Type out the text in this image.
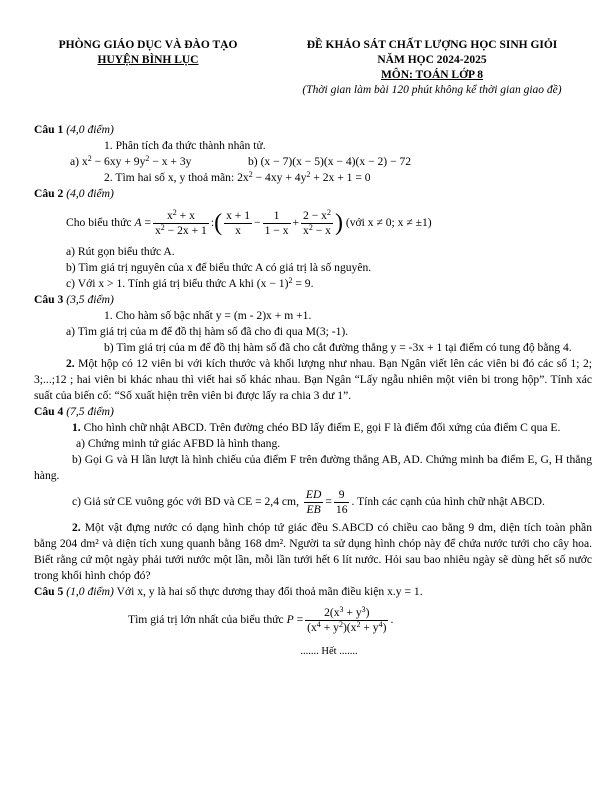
PHÒNG GIÁO DỤC VÀ ĐÀO TẠO
HUYỆN BÌNH LỤC
ĐỀ KHẢO SÁT CHẤT LƯỢNG HỌC SINH GIỎI
NĂM HỌC 2024-2025
MÔN: TOÁN LỚP 8
(Thời gian làm bài 120 phút không kể thời gian giao đề)
Câu 1 (4,0 điểm)
1. Phân tích đa thức thành nhân tử.
a) $x^2 - 6xy + 9y^2 - x + 3y$	b) (x − 7)(x − 5)(x − 4)(x − 2) − 72
2. Tìm hai số x, y thoả mãn: $2x^2 - 4xy + 4y^2 + 2x + 1 = 0$
Câu 2 (4,0 điểm)
Cho biểu thức
$A = \frac{x^2 + x}{x^2 - 2x + 1}$ : ( $\frac{x + 1}{x} - \frac{1}{1 - x} + \frac{2 - x^2}{x^2 - x}$ )
(với x ≠ 0; x ≠ ±1)
a) Rút gọn biểu thức A.
b) Tìm giá trị nguyên của x để biểu thức A có giá trị là số nguyên.
c) Với x > 1. Tính giá trị biểu thức A khi $(x - 1)^2 = 9$.
Câu 3 (3,5 điểm)
1. Cho hàm số bậc nhất y = (m - 2)x + m +1.
a) Tìm giá trị của m để đồ thị hàm số đã cho đi qua M(3; -1).
b) Tìm giá trị của m để đồ thị hàm số đã cho cắt đường thẳng y = -3x + 1 tại điểm có tung độ bằng 4.
2. Một hộp có 12 viên bi với kích thước và khối lượng như nhau. Bạn Ngân viết lên các viên bi đó các số 1; 2; 3;...;12 ; hai viên bi khác nhau thì viết hai số khác nhau. Bạn Ngân “Lấy ngẫu nhiên một viên bi trong hộp”. Tính xác suất của biến cố: “Số xuất hiện trên viên bi được lấy ra chia 3 dư 1”.
Câu 4 (7,5 điểm)
1. Cho hình chữ nhật ABCD. Trên đường chéo BD lấy điểm E, gọi F là điểm đối xứng của điểm C qua E.
a) Chứng minh tứ giác AFBD là hình thang.
b) Gọi G và H lần lượt là hình chiếu của điểm F trên đường thẳng AB, AD. Chứng minh ba điểm E, G, H thẳng hàng.
c) Giả sử CE vuông góc với BD và CE = 2,4 cm,
$\frac{ED}{EB} = \frac{9}{16}$ . Tính các cạnh của hình chữ nhật ABCD.
2. Một vật đựng nước có dạng hình chóp tứ giác đều S.ABCD có chiều cao bằng 9 dm, diện tích toàn phần bằng 204 dm² và diện tích xung quanh bằng 168 dm². Người ta sử dụng hình chóp này để chứa nước tưới cho cây hoa. Biết rằng cứ một ngày phải tưới nước một lần, mỗi lần tưới hết 6 lít nước. Hỏi sau bao nhiêu ngày sẽ dùng hết số nước trong khối hình chóp đó?
Câu 5 (1,0 điểm) Với x, y là hai số thực dương thay đổi thoả mãn điều kiện x.y = 1.
Tìm giá trị lớn nhất của biểu thức
$P = \frac{2(x^3 + y^3)}{(x^4 + y^2)(x^2 + y^4)}$ .
....... Hết .......
